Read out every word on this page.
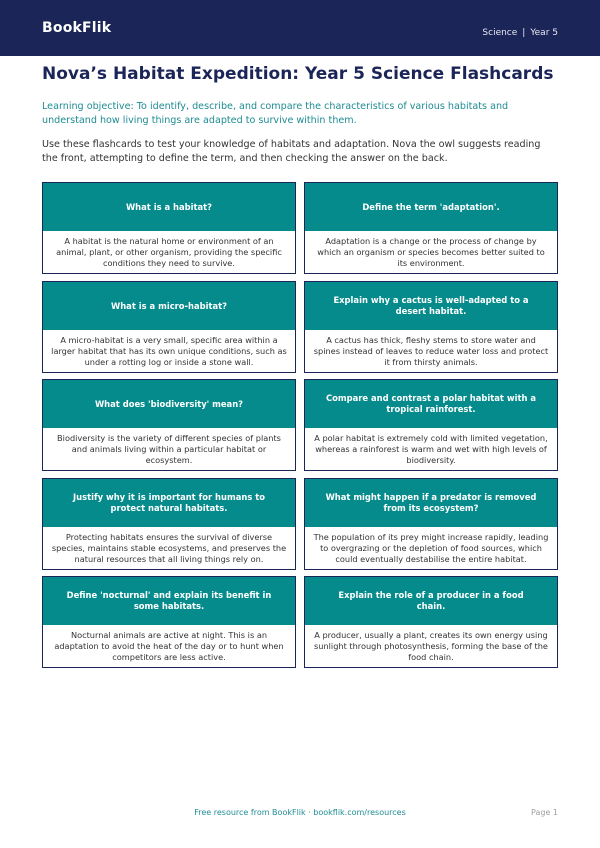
BookFlik	Science | Year 5
Nova’s Habitat Expedition: Year 5 Science Flashcards
Learning objective: To identify, describe, and compare the characteristics of various habitats and understand how living things are adapted to survive within them.
Use these flashcards to test your knowledge of habitats and adaptation. Nova the owl suggests reading the front, attempting to define the term, and then checking the answer on the back.
What is a habitat?
A habitat is the natural home or environment of an animal, plant, or other organism, providing the specific conditions they need to survive.
Define the term 'adaptation'.
Adaptation is a change or the process of change by which an organism or species becomes better suited to its environment.
What is a micro-habitat?
A micro-habitat is a very small, specific area within a larger habitat that has its own unique conditions, such as under a rotting log or inside a stone wall.
Explain why a cactus is well-adapted to a desert habitat.
A cactus has thick, fleshy stems to store water and spines instead of leaves to reduce water loss and protect it from thirsty animals.
What does 'biodiversity' mean?
Biodiversity is the variety of different species of plants and animals living within a particular habitat or ecosystem.
Compare and contrast a polar habitat with a tropical rainforest.
A polar habitat is extremely cold with limited vegetation, whereas a rainforest is warm and wet with high levels of biodiversity.
Justify why it is important for humans to protect natural habitats.
Protecting habitats ensures the survival of diverse species, maintains stable ecosystems, and preserves the natural resources that all living things rely on.
What might happen if a predator is removed from its ecosystem?
The population of its prey might increase rapidly, leading to overgrazing or the depletion of food sources, which could eventually destabilise the entire habitat.
Define 'nocturnal' and explain its benefit in some habitats.
Nocturnal animals are active at night. This is an adaptation to avoid the heat of the day or to hunt when competitors are less active.
Explain the role of a producer in a food chain.
A producer, usually a plant, creates its own energy using sunlight through photosynthesis, forming the base of the food chain.
Free resource from BookFlik · bookflik.com/resources	Page 1
